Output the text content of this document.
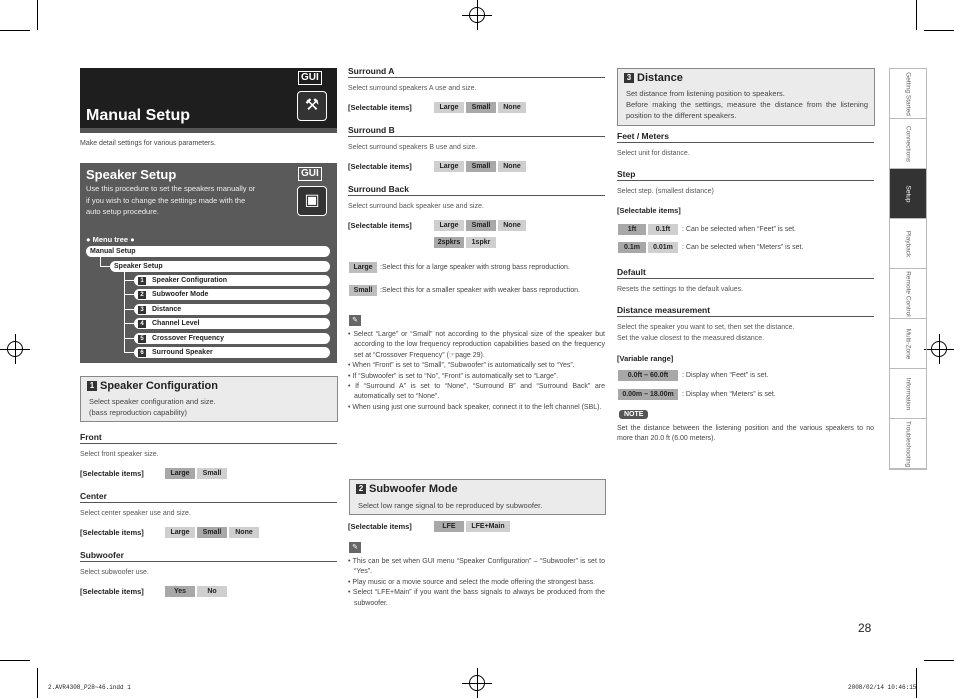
GUI
⚒
Manual Setup
Make detail settings for various parameters.
Speaker Setup	GUI
▣
Use this procedure to set the speakers manually or if you wish to change the settings made with the auto setup procedure.
● Menu tree ●
Manual Setup
Speaker Setup
1 Speaker Configuration
2 Subwoofer Mode
3 Distance
4 Channel Level
5 Crossover Frequency
6 Surround Speaker
1 Speaker Configuration
Select speaker configuration and size.
(bass reproduction capability)
Front
Select front speaker size.
[Selectable items]	Large	Small
Center
Select center speaker use and size.
[Selectable items]	Large	Small	None
Subwoofer
Select subwoofer use.
[Selectable items]	Yes	No
Surround A
Select surround speakers A use and size.
[Selectable items]	Large	Small	None
Surround B
Select surround speakers B use and size.
[Selectable items]	Large	Small	None
Surround Back
Select surround back speaker use and size.
[Selectable items]	Large	Small	None
2spkrs	1spkr
Large	:Select this for a large speaker with strong bass reproduction.
Small	:Select this for a smaller speaker with weaker bass reproduction.
✎

• Select “Large” or “Small” not according to the physical size of the speaker but according to the low frequency reproduction capabilities based on the frequency set at “Crossover Frequency” (☞page 29).

• When “Front” is set to “Small”, “Subwoofer” is automatically set to “Yes”.

• If “Subwoofer” is set to “No”, “Front” is automatically set to “Large”.

• If “Surround A” is set to “None”, “Surround B” and “Surround Back” are automatically set to “None”.

• When using just one surround back speaker, connect it to the left channel (SBL).

2 Subwoofer Mode
Select low range signal to be reproduced by subwoofer.
[Selectable items]	LFE	LFE+Main
✎

• This can be set when GUI menu “Speaker Configuration” – “Subwoofer” is set to “Yes”.

• Play music or a movie source and select the mode offering the strongest bass.

• Select “LFE+Main” if you want the bass signals to always be produced from the subwoofer.

3 Distance
Set distance from listening position to speakers.
Before making the settings, measure the distance from the listening position to the different speakers.
Feet / Meters
Select unit for distance.
Step
Select step. (smallest distance)
[Selectable items]
1ft	0.1ft	: Can be selected when “Feet” is set.
0.1m	0.01m	: Can be selected when “Meters” is set.
Default
Resets the settings to the default values.
Distance measurement
Select the speaker you want to set, then set the distance.
Set the value closest to the measured distance.
[Variable range]
0.0ft – 60.0ft	: Display when “Feet” is set.
0.00m – 18.00m	: Display when “Meters” is set.
NOTE
Set the distance between the listening position and the various speakers to no more than 20.0 ft (6.00 meters).
Getting Started
Connections
Setup
Playback
Remote Control
Multi-Zone
Information
Troubleshooting
28
2.AVR4308_P28~46.indd 1	2008/02/14 10:46:15
